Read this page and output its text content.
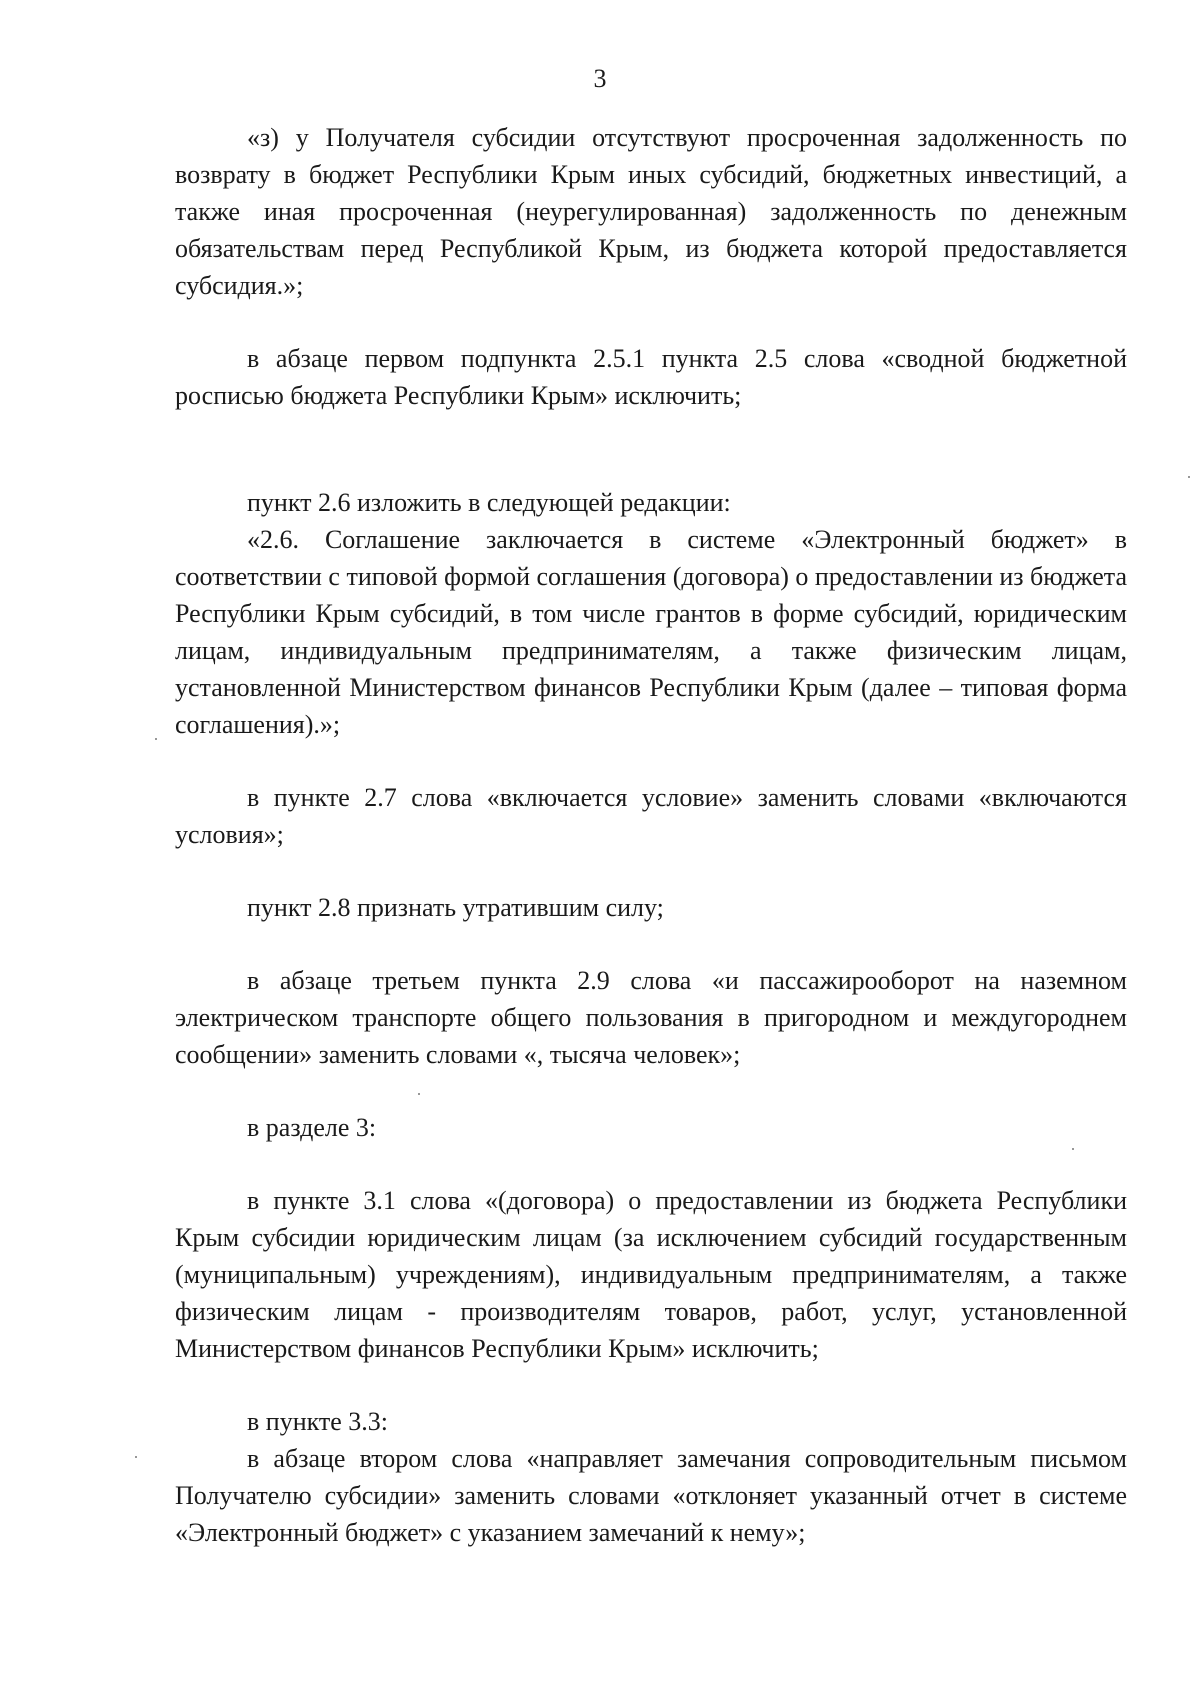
3

«з) у Получателя субсидии отсутствуют просроченная задолженность по возврату в бюджет Республики Крым иных субсидий, бюджетных инвестиций, а также иная просроченная (неурегулированная) задолженность по денежным обязательствам перед Республикой Крым, из бюджета которой предоставляется субсидия.»;

в абзаце первом подпункта 2.5.1 пункта 2.5 слова «сводной бюджетной росписью бюджета Республики Крым» исключить;

пункт 2.6 изложить в следующей редакции:

«2.6. Соглашение заключается в системе «Электронный бюджет» в соответствии с типовой формой соглашения (договора) о предоставлении из бюджета Республики Крым субсидий, в том числе грантов в форме субсидий, юридическим лицам, индивидуальным предпринимателям, а также физическим лицам, установленной Министерством финансов Республики Крым (далее – типовая форма соглашения).»;

в пункте 2.7 слова «включается условие» заменить словами «включаются условия»;

пункт 2.8 признать утратившим силу;

в абзаце третьем пункта 2.9 слова «и пассажирооборот на наземном электрическом транспорте общего пользования в пригородном и междугороднем сообщении» заменить словами «, тысяча человек»;

в разделе 3:

в пункте 3.1 слова «(договора) о предоставлении из бюджета Республики Крым субсидии юридическим лицам (за исключением субсидий государственным (муниципальным) учреждениям), индивидуальным предпринимателям, а также физическим лицам - производителям товаров, работ, услуг, установленной Министерством финансов Республики Крым» исключить;

в пункте 3.3:

в абзаце втором слова «направляет замечания сопроводительным письмом Получателю субсидии» заменить словами «отклоняет указанный отчет в системе «Электронный бюджет» с указанием замечаний к нему»;
